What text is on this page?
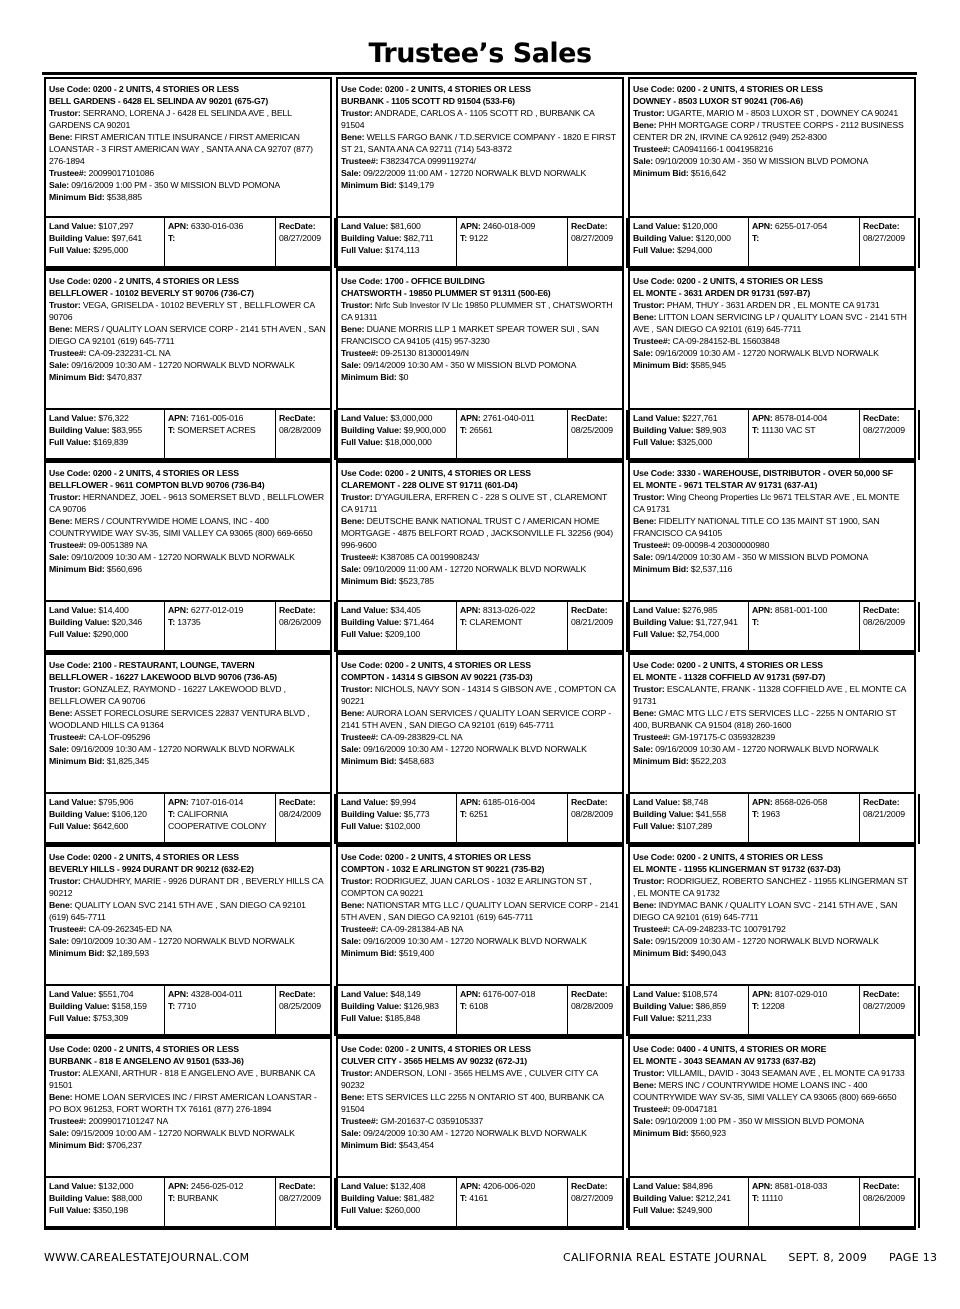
Trustee’s Sales
Use Code: 0200 - 2 UNITS, 4 STORIES OR LESS
BELL GARDENS - 6428 EL SELINDA AV 90201 (675-G7)
Trustor: SERRANO, LORENA J - 6428 EL SELINDA AVE , BELL GARDENS CA 90201
Bene: FIRST AMERICAN TITLE INSURANCE / FIRST AMERICAN LOANSTAR - 3 FIRST AMERICAN WAY , SANTA ANA CA 92707 (877) 276-1894
Trustee#: 20099017101086
Sale: 09/16/2009 1:00 PM - 350 W MISSION BLVD POMONA
Minimum Bid: $538,885
Land Value: $107,297
Building Value: $97,641
Full Value: $295,000
APN: 6330-016-036
T:
RecDate:
08/27/2009
Use Code: 0200 - 2 UNITS, 4 STORIES OR LESS
BURBANK - 1105 SCOTT RD 91504 (533-F6)
Trustor: ANDRADE, CARLOS A - 1105 SCOTT RD , BURBANK CA 91504
Bene: WELLS FARGO BANK / T.D.SERVICE COMPANY - 1820 E FIRST ST 21, SANTA ANA CA 92711 (714) 543-8372
Trustee#: F382347CA 0999119274/
Sale: 09/22/2009 11:00 AM - 12720 NORWALK BLVD NORWALK
Minimum Bid: $149,179
Land Value: $81,600
Building Value: $82,711
Full Value: $174,113
APN: 2460-018-009
T: 9122
RecDate:
08/27/2009
Use Code: 0200 - 2 UNITS, 4 STORIES OR LESS
DOWNEY - 8503 LUXOR ST 90241 (706-A6)
Trustor: UGARTE, MARIO M - 8503 LUXOR ST , DOWNEY CA 90241
Bene: PHH MORTGAGE CORP / TRUSTEE CORPS - 2112 BUSINESS CENTER DR 2N, IRVINE CA 92612 (949) 252-8300
Trustee#: CA0941166-1 0041958216
Sale: 09/10/2009 10:30 AM - 350 W MISSION BLVD POMONA
Minimum Bid: $516,642
Land Value: $120,000
Building Value: $120,000
Full Value: $294,000
APN: 6255-017-054
T:
RecDate:
08/27/2009
Use Code: 0200 - 2 UNITS, 4 STORIES OR LESS
BELLFLOWER - 10102 BEVERLY ST 90706 (736-C7)
Trustor: VEGA, GRISELDA - 10102 BEVERLY ST , BELLFLOWER CA 90706
Bene: MERS / QUALITY LOAN SERVICE CORP - 2141 5TH AVEN , SAN DIEGO CA 92101 (619) 645-7711
Trustee#: CA-09-232231-CL NA
Sale: 09/16/2009 10:30 AM - 12720 NORWALK BLVD NORWALK
Minimum Bid: $470,837
Land Value: $76,322
Building Value: $83,955
Full Value: $169,839
APN: 7161-005-016
T: SOMERSET ACRES
RecDate:
08/28/2009
Use Code: 1700 - OFFICE BUILDING
CHATSWORTH - 19850 PLUMMER ST 91311 (500-E6)
Trustor: Nrfc Sub Investor IV Llc 19850 PLUMMER ST , CHATSWORTH CA 91311
Bene: DUANE MORRIS LLP 1 MARKET SPEAR TOWER SUI , SAN FRANCISCO CA 94105 (415) 957-3230
Trustee#: 09-25130 813000149/N
Sale: 09/14/2009 10:30 AM - 350 W MISSION BLVD POMONA
Minimum Bid: $0
Land Value: $3,000,000
Building Value: $9,900,000
Full Value: $18,000,000
APN: 2761-040-011
T: 26561
RecDate:
08/25/2009
Use Code: 0200 - 2 UNITS, 4 STORIES OR LESS
EL MONTE - 3631 ARDEN DR 91731 (597-B7)
Trustor: PHAM, THUY - 3631 ARDEN DR , EL MONTE CA 91731
Bene: LITTON LOAN SERVICING LP / QUALITY LOAN SVC - 2141 5TH AVE , SAN DIEGO CA 92101 (619) 645-7711
Trustee#: CA-09-284152-BL 15603848
Sale: 09/16/2009 10:30 AM - 12720 NORWALK BLVD NORWALK
Minimum Bid: $585,945
Land Value: $227,761
Building Value: $89,903
Full Value: $325,000
APN: 8578-014-004
T: 11130 VAC ST
RecDate:
08/27/2009
Use Code: 0200 - 2 UNITS, 4 STORIES OR LESS
BELLFLOWER - 9611 COMPTON BLVD 90706 (736-B4)
Trustor: HERNANDEZ, JOEL - 9613 SOMERSET BLVD , BELLFLOWER CA 90706
Bene: MERS / COUNTRYWIDE HOME LOANS, INC - 400 COUNTRYWIDE WAY SV-35, SIMI VALLEY CA 93065 (800) 669-6650
Trustee#: 09-0051389 NA
Sale: 09/10/2009 10:30 AM - 12720 NORWALK BLVD NORWALK
Minimum Bid: $560,696
Land Value: $14,400
Building Value: $20,346
Full Value: $290,000
APN: 6277-012-019
T: 13735
RecDate:
08/26/2009
Use Code: 0200 - 2 UNITS, 4 STORIES OR LESS
CLAREMONT - 228 OLIVE ST 91711 (601-D4)
Trustor: D'YAGUILERA, ERFREN C - 228 S OLIVE ST , CLAREMONT CA 91711
Bene: DEUTSCHE BANK NATIONAL TRUST C / AMERICAN HOME MORTGAGE - 4875 BELFORT ROAD , JACKSONVILLE FL 32256 (904) 996-9600
Trustee#: K387085 CA 0019908243/
Sale: 09/10/2009 11:00 AM - 12720 NORWALK BLVD NORWALK
Minimum Bid: $523,785
Land Value: $34,405
Building Value: $71,464
Full Value: $209,100
APN: 8313-026-022
T: CLAREMONT
RecDate:
08/21/2009
Use Code: 3330 - WAREHOUSE, DISTRIBUTOR - OVER 50,000 SF
EL MONTE - 9671 TELSTAR AV 91731 (637-A1)
Trustor: Wing Cheong Properties Llc 9671 TELSTAR AVE , EL MONTE CA 91731
Bene: FIDELITY NATIONAL TITLE CO 135 MAINT ST 1900, SAN FRANCISCO CA 94105
Trustee#: 09-00098-4 20300000980
Sale: 09/14/2009 10:30 AM - 350 W MISSION BLVD POMONA
Minimum Bid: $2,537,116
Land Value: $276,985
Building Value: $1,727,941
Full Value: $2,754,000
APN: 8581-001-100
T:
RecDate:
08/26/2009
Use Code: 2100 - RESTAURANT, LOUNGE, TAVERN
BELLFLOWER - 16227 LAKEWOOD BLVD 90706 (736-A5)
Trustor: GONZALEZ, RAYMOND - 16227 LAKEWOOD BLVD , BELLFLOWER CA 90706
Bene: ASSET FORECLOSURE SERVICES 22837 VENTURA BLVD , WOODLAND HILLS CA 91364
Trustee#: CA-LOF-095296
Sale: 09/16/2009 10:30 AM - 12720 NORWALK BLVD NORWALK
Minimum Bid: $1,825,345
Land Value: $795,906
Building Value: $106,120
Full Value: $642,600
APN: 7107-016-014
T: CALIFORNIA COOPERATIVE COLONY
RecDate:
08/24/2009
Use Code: 0200 - 2 UNITS, 4 STORIES OR LESS
COMPTON - 14314 S GIBSON AV 90221 (735-D3)
Trustor: NICHOLS, NAVY SON - 14314 S GIBSON AVE , COMPTON CA 90221
Bene: AURORA LOAN SERVICES / QUALITY LOAN SERVICE CORP - 2141 5TH AVEN , SAN DIEGO CA 92101 (619) 645-7711
Trustee#: CA-09-283829-CL NA
Sale: 09/16/2009 10:30 AM - 12720 NORWALK BLVD NORWALK
Minimum Bid: $458,683
Land Value: $9,994
Building Value: $5,773
Full Value: $102,000
APN: 6185-016-004
T: 6251
RecDate:
08/28/2009
Use Code: 0200 - 2 UNITS, 4 STORIES OR LESS
EL MONTE - 11328 COFFIELD AV 91731 (597-D7)
Trustor: ESCALANTE, FRANK - 11328 COFFIELD AVE , EL MONTE CA 91731
Bene: GMAC MTG LLC / ETS SERVICES LLC - 2255 N ONTARIO ST 400, BURBANK CA 91504 (818) 260-1600
Trustee#: GM-197175-C 0359328239
Sale: 09/16/2009 10:30 AM - 12720 NORWALK BLVD NORWALK
Minimum Bid: $522,203
Land Value: $8,748
Building Value: $41,558
Full Value: $107,289
APN: 8568-026-058
T: 1963
RecDate:
08/21/2009
Use Code: 0200 - 2 UNITS, 4 STORIES OR LESS
BEVERLY HILLS - 9924 DURANT DR 90212 (632-E2)
Trustor: CHAUDHRY, MARIE - 9926 DURANT DR , BEVERLY HILLS CA 90212
Bene: QUALITY LOAN SVC 2141 5TH AVE , SAN DIEGO CA 92101 (619) 645-7711
Trustee#: CA-09-262345-ED NA
Sale: 09/10/2009 10:30 AM - 12720 NORWALK BLVD NORWALK
Minimum Bid: $2,189,593
Land Value: $551,704
Building Value: $158,159
Full Value: $753,309
APN: 4328-004-011
T: 7710
RecDate:
08/25/2009
Use Code: 0200 - 2 UNITS, 4 STORIES OR LESS
COMPTON - 1032 E ARLINGTON ST 90221 (735-B2)
Trustor: RODRIGUEZ, JUAN CARLOS - 1032 E ARLINGTON ST , COMPTON CA 90221
Bene: NATIONSTAR MTG LLC / QUALITY LOAN SERVICE CORP - 2141 5TH AVEN , SAN DIEGO CA 92101 (619) 645-7711
Trustee#: CA-09-281384-AB NA
Sale: 09/16/2009 10:30 AM - 12720 NORWALK BLVD NORWALK
Minimum Bid: $519,400
Land Value: $48,149
Building Value: $126,983
Full Value: $185,848
APN: 6176-007-018
T: 6108
RecDate:
08/28/2009
Use Code: 0200 - 2 UNITS, 4 STORIES OR LESS
EL MONTE - 11955 KLINGERMAN ST 91732 (637-D3)
Trustor: RODRIGUEZ, ROBERTO SANCHEZ - 11955 KLINGERMAN ST , EL MONTE CA 91732
Bene: INDYMAC BANK / QUALITY LOAN SVC - 2141 5TH AVE , SAN DIEGO CA 92101 (619) 645-7711
Trustee#: CA-09-248233-TC 100791792
Sale: 09/15/2009 10:30 AM - 12720 NORWALK BLVD NORWALK
Minimum Bid: $490,043
Land Value: $108,574
Building Value: $86,859
Full Value: $211,233
APN: 8107-029-010
T: 12208
RecDate:
08/27/2009
Use Code: 0200 - 2 UNITS, 4 STORIES OR LESS
BURBANK - 818 E ANGELENO AV 91501 (533-J6)
Trustor: ALEXANI, ARTHUR - 818 E ANGELENO AVE , BURBANK CA 91501
Bene: HOME LOAN SERVICES INC / FIRST AMERICAN LOANSTAR - PO BOX 961253, FORT WORTH TX 76161 (877) 276-1894
Trustee#: 20099017101247 NA
Sale: 09/15/2009 10:00 AM - 12720 NORWALK BLVD NORWALK
Minimum Bid: $706,237
Land Value: $132,000
Building Value: $88,000
Full Value: $350,198
APN: 2456-025-012
T: BURBANK
RecDate:
08/27/2009
Use Code: 0200 - 2 UNITS, 4 STORIES OR LESS
CULVER CITY - 3565 HELMS AV 90232 (672-J1)
Trustor: ANDERSON, LONI - 3565 HELMS AVE , CULVER CITY CA 90232
Bene: ETS SERVICES LLC 2255 N ONTARIO ST 400, BURBANK CA 91504
Trustee#: GM-201637-C 0359105337
Sale: 09/24/2009 10:30 AM - 12720 NORWALK BLVD NORWALK
Minimum Bid: $543,454
Land Value: $132,408
Building Value: $81,482
Full Value: $260,000
APN: 4206-006-020
T: 4161
RecDate:
08/27/2009
Use Code: 0400 - 4 UNITS, 4 STORIES OR MORE
EL MONTE - 3043 SEAMAN AV 91733 (637-B2)
Trustor: VILLAMIL, DAVID - 3043 SEAMAN AVE , EL MONTE CA 91733
Bene: MERS INC / COUNTRYWIDE HOME LOANS INC - 400 COUNTRYWIDE WAY SV-35, SIMI VALLEY CA 93065 (800) 669-6650
Trustee#: 09-0047181
Sale: 09/10/2009 1:00 PM - 350 W MISSION BLVD POMONA
Minimum Bid: $560,923
Land Value: $84,896
Building Value: $212,241
Full Value: $249,900
APN: 8581-018-033
T: 11110
RecDate:
08/26/2009
WWW.CAREALESTATEJOURNAL.COM	CALIFORNIA REAL ESTATE JOURNAL SEPT. 8, 2009 PAGE 13
